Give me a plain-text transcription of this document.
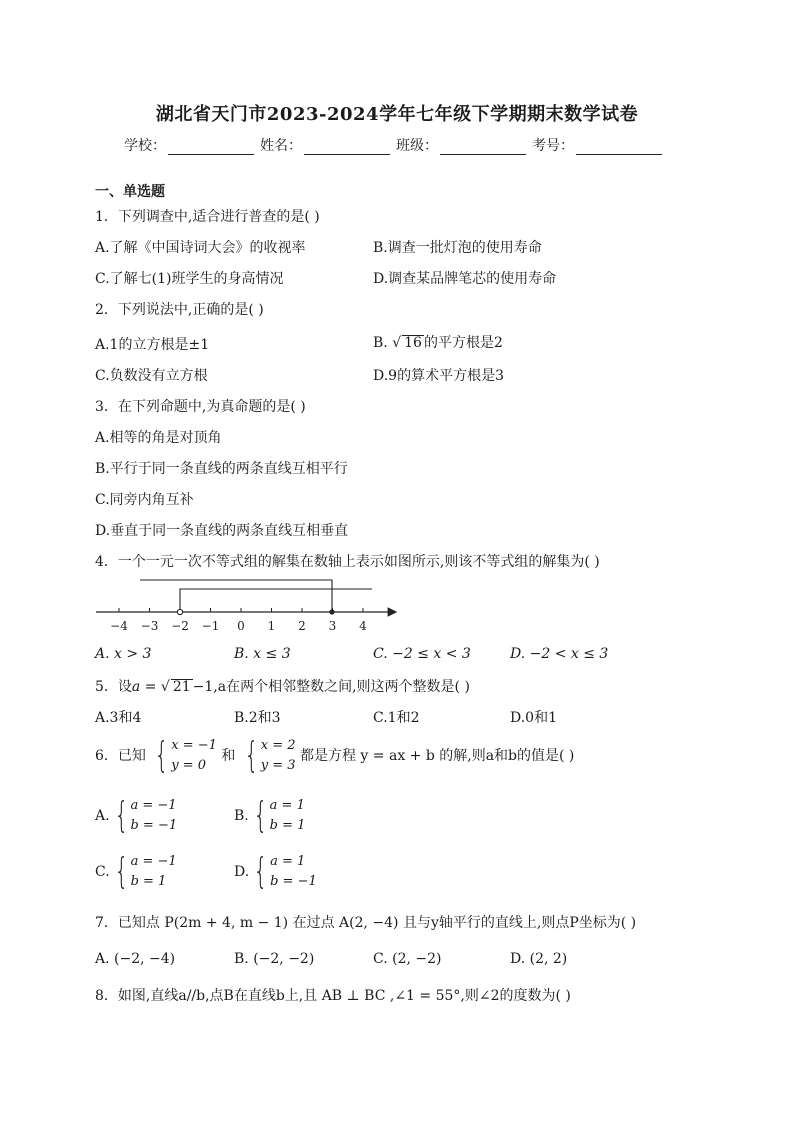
湖北省天门市2023-2024学年七年级下学期期末数学试卷
学校：	姓名：	班级：	考号：
一、单选题
1．下列调查中,适合进行普查的是( )
A.了解《中国诗词大会》的收视率	B.调查一批灯泡的使用寿命
C.了解七(1)班学生的身高情况	D.调查某品牌笔芯的使用寿命
2．下列说法中,正确的是( )
A.1的立方根是±1	B. √ 16 的平方根是2
C.负数没有立方根	D.9的算术平方根是3
3．在下列命题中,为真命题的是( )
A.相等的角是对顶角
B.平行于同一条直线的两条直线互相平行
C.同旁内角互补
D.垂直于同一条直线的两条直线互相垂直
4．一个一元一次不等式组的解集在数轴上表示如图所示,则该不等式组的解集为( )
−4 −3 −2 −1 0 1 2 3 4
A. x > 3	B. x ≤ 3	C. −2 ≤ x < 3	D. −2 < x ≤ 3
5．设a = √ 21 −1,a在两个相邻整数之间,则这两个整数是( )
A.3和4	B.2和3	C.1和2	D.0和1
6．已知 { x = −1
y = 0
和 { x = 2
y = 3
都是方程 y = ax + b 的解,则a和b的值是( )
A. { a = −1
b = −1
B. { a = 1
b = 1
C. { a = −1
b = 1
D. { a = 1
b = −1
7．已知点 P(2m + 4, m − 1) 在过点 A(2, −4) 且与y轴平行的直线上,则点P坐标为( )
A. (−2, −4)	B. (−2, −2)	C. (2, −2)	D. (2, 2)
8．如图,直线a//b,点B在直线b上,且 AB ⊥ BC ,∠1 = 55°,则∠2的度数为( )
